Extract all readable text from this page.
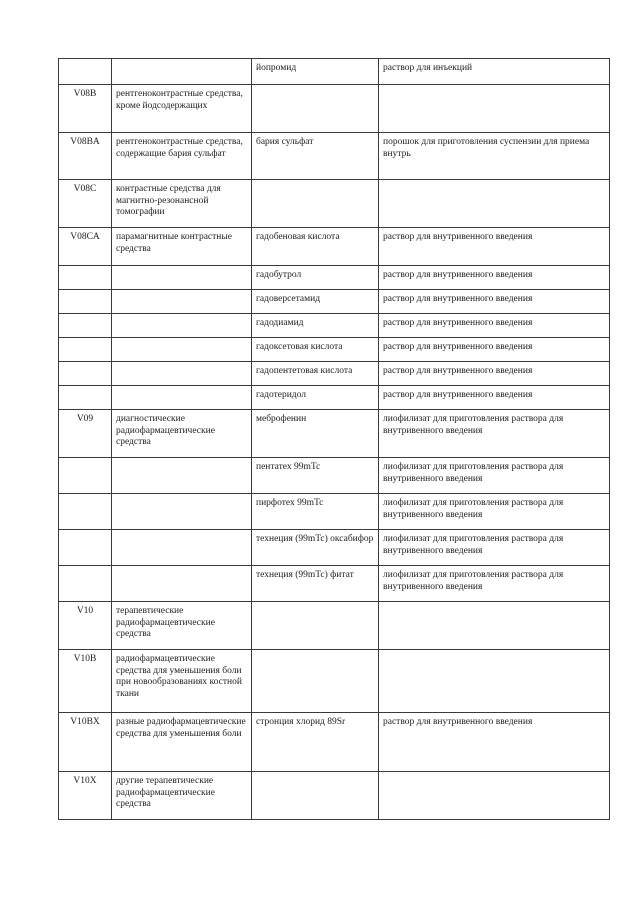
		йопромид	раствор для инъекций
V08B	рентгеноконтрастные средства, кроме йодсодержащих		
V08BA	рентгеноконтрастные средства, содержащие бария сульфат	бария сульфат	порошок для приготовления суспензии для приема внутрь
V08C	контрастные средства для магнитно-резонансной томографии		
V08CA	парамагнитные контрастные средства	гадобеновая кислота	раствор для внутривенного введения
		гадобутрол	раствор для внутривенного введения
		гадоверсетамид	раствор для внутривенного введения
		гадодиамид	раствор для внутривенного введения
		гадоксетовая кислота	раствор для внутривенного введения
		гадопентетовая кислота	раствор для внутривенного введения
		гадотеридол	раствор для внутривенного введения
V09	диагностические радиофармацевтические средства	меброфенин	лиофилизат для приготовления раствора для внутривенного введения
		пентатех 99mTc	лиофилизат для приготовления раствора для внутривенного введения
		пирфотех 99mTc	лиофилизат для приготовления раствора для внутривенного введения
		технеция (99mTc) оксабифор	лиофилизат для приготовления раствора для внутривенного введения
		технеция (99mTc) фитат	лиофилизат для приготовления раствора для внутривенного введения
V10	терапевтические радиофармацевтические средства		
V10B	радиофармацевтические средства для уменьшения боли при новообразованиях костной ткани		
V10BX	разные радиофармацевтические средства для уменьшения боли	стронция хлорид 89Sr	раствор для внутривенного введения
V10X	другие терапевтические радиофармацевтические средства		
